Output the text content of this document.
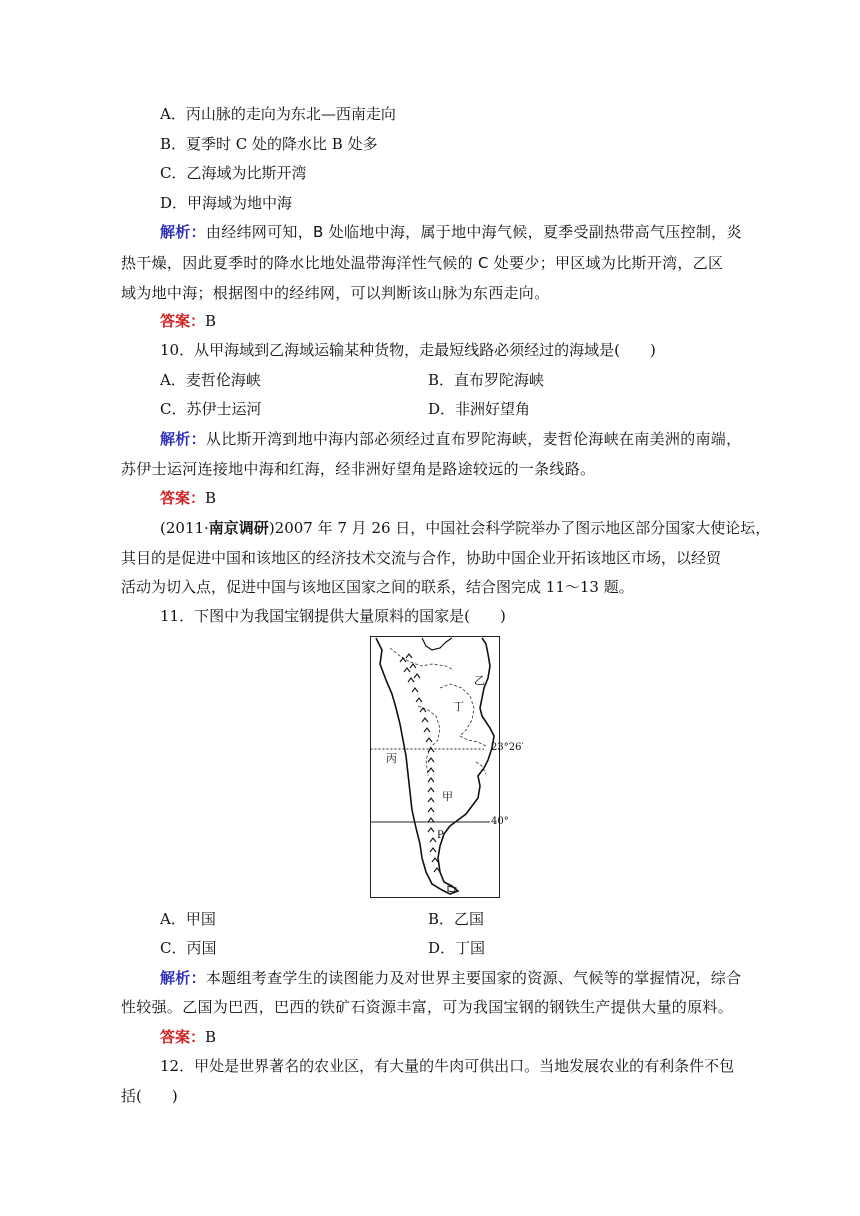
A．丙山脉的走向为东北—西南走向
B．夏季时 C 处的降水比 B 处多
C．乙海域为比斯开湾
D．甲海域为地中海
解析：由经纬网可知，B 处临地中海，属于地中海气候，夏季受副热带高气压控制，炎
热干燥，因此夏季时的降水比地处温带海洋性气候的 C 处要少；甲区域为比斯开湾，乙区
域为地中海；根据图中的经纬网，可以判断该山脉为东西走向。
答案：B
10．从甲海域到乙海域运输某种货物，走最短线路必须经过的海域是(　　)
A．麦哲伦海峡	B．直布罗陀海峡
C．苏伊士运河	D．非洲好望角
解析：从比斯开湾到地中海内部必须经过直布罗陀海峡，麦哲伦海峡在南美洲的南端，
苏伊士运河连接地中海和红海，经非洲好望角是路途较远的一条线路。
答案：B
(2011·南京调研)2007 年 7 月 26 日，中国社会科学院举办了图示地区部分国家大使论坛，
其目的是促进中国和该地区的经济技术交流与合作，协助中国企业开拓该地区市场，以经贸
活动为切入点，促进中国与该地区国家之间的联系，结合图完成 11～13 题。
11．下图中为我国宝钢提供大量原料的国家是(　　)
乙
丁
丙
甲
P
23°26′
40°
A．甲国	B．乙国
C．丙国	D．丁国
解析：本题组考查学生的读图能力及对世界主要国家的资源、气候等的掌握情况，综合
性较强。乙国为巴西，巴西的铁矿石资源丰富，可为我国宝钢的钢铁生产提供大量的原料。
答案：B
12．甲处是世界著名的农业区，有大量的牛肉可供出口。当地发展农业的有利条件不包
括(　　)
